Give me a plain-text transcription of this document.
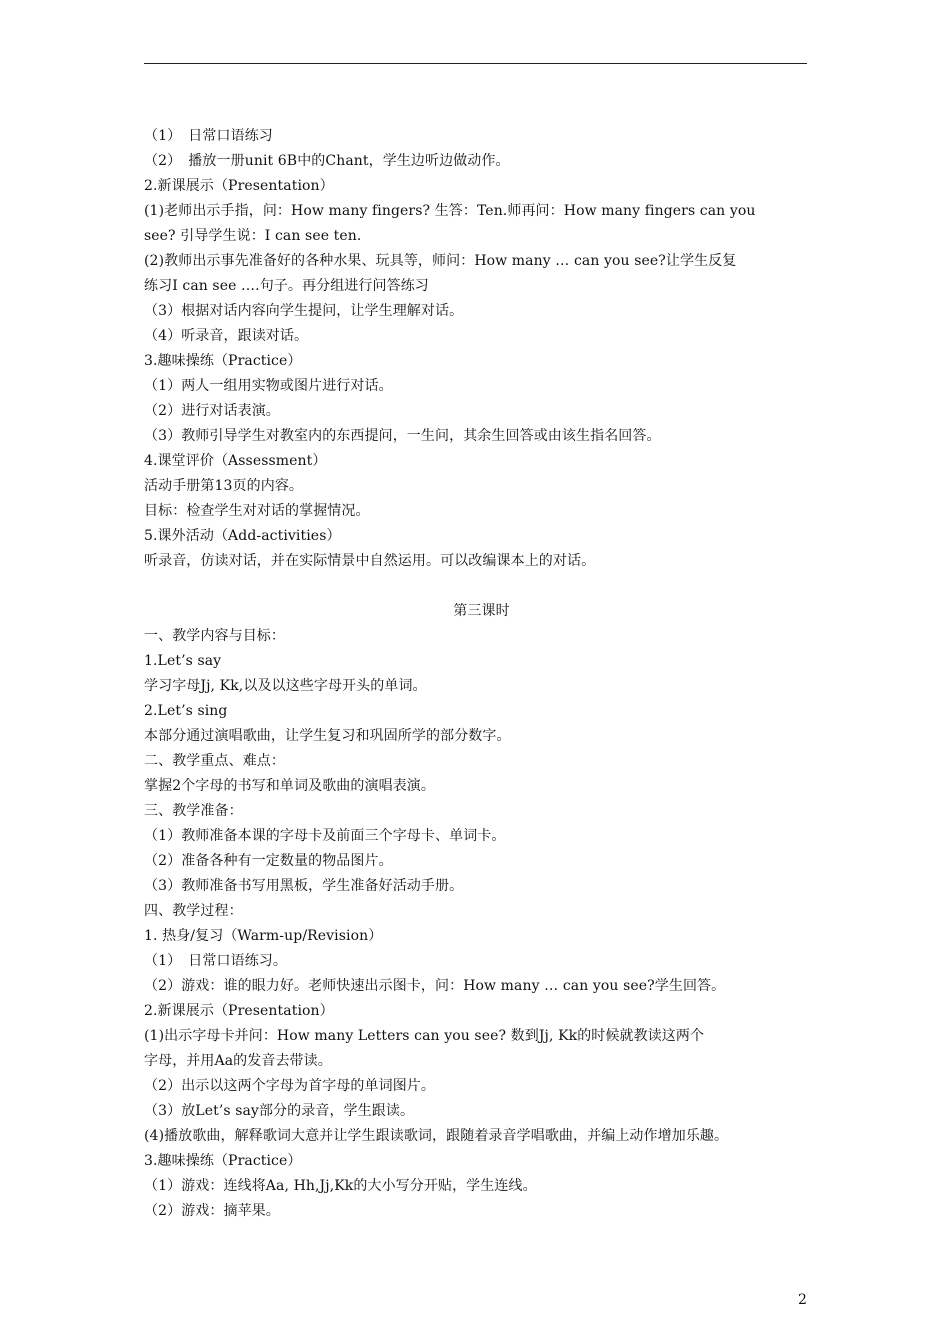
（1）　日常口语练习
（2）　播放一册unit 6B中的Chant，学生边听边做动作。
2.新课展示（Presentation）
(1)老师出示手指，问：How many fingers? 生答：Ten.师再问：How many fingers can you
see? 引导学生说：I can see ten.
(2)教师出示事先准备好的各种水果、玩具等，师问：How many … can you see?让学生反复
练习I can see ….句子。再分组进行问答练习
（3）根据对话内容向学生提问，让学生理解对话。
（4）听录音，跟读对话。
3.趣味操练（Practice）
（1）两人一组用实物或图片进行对话。
（2）进行对话表演。
（3）教师引导学生对教室内的东西提问，一生问，其余生回答或由该生指名回答。
4.课堂评价（Assessment）
活动手册第13页的内容。
目标：检查学生对对话的掌握情况。
5.课外活动（Add-activities）
听录音，仿读对话，并在实际情景中自然运用。可以改编课本上的对话。
第三课时
一、教学内容与目标：
1.Let’s say
学习字母Jj, Kk,以及以这些字母开头的单词。
2.Let’s sing
本部分通过演唱歌曲，让学生复习和巩固所学的部分数字。
二、教学重点、难点：
掌握2个字母的书写和单词及歌曲的演唱表演。
三、教学准备：
（1）教师准备本课的字母卡及前面三个字母卡、单词卡。
（2）准备各种有一定数量的物品图片。
（3）教师准备书写用黑板，学生准备好活动手册。
四、教学过程：
1. 热身/复习（Warm-up/Revision）
（1）　日常口语练习。
（2）游戏：谁的眼力好。老师快速出示图卡，问：How many … can you see?学生回答。
2.新课展示（Presentation）
(1)出示字母卡并问：How many Letters can you see? 数到Jj, Kk的时候就教读这两个
字母，并用Aa的发音去带读。
（2）出示以这两个字母为首字母的单词图片。
（3）放Let’s say部分的录音，学生跟读。
(4)播放歌曲，解释歌词大意并让学生跟读歌词，跟随着录音学唱歌曲，并编上动作增加乐趣。
3.趣味操练（Practice）
（1）游戏：连线将Aa, Hh,Jj,Kk的大小写分开贴，学生连线。
（2）游戏：摘苹果。
2
